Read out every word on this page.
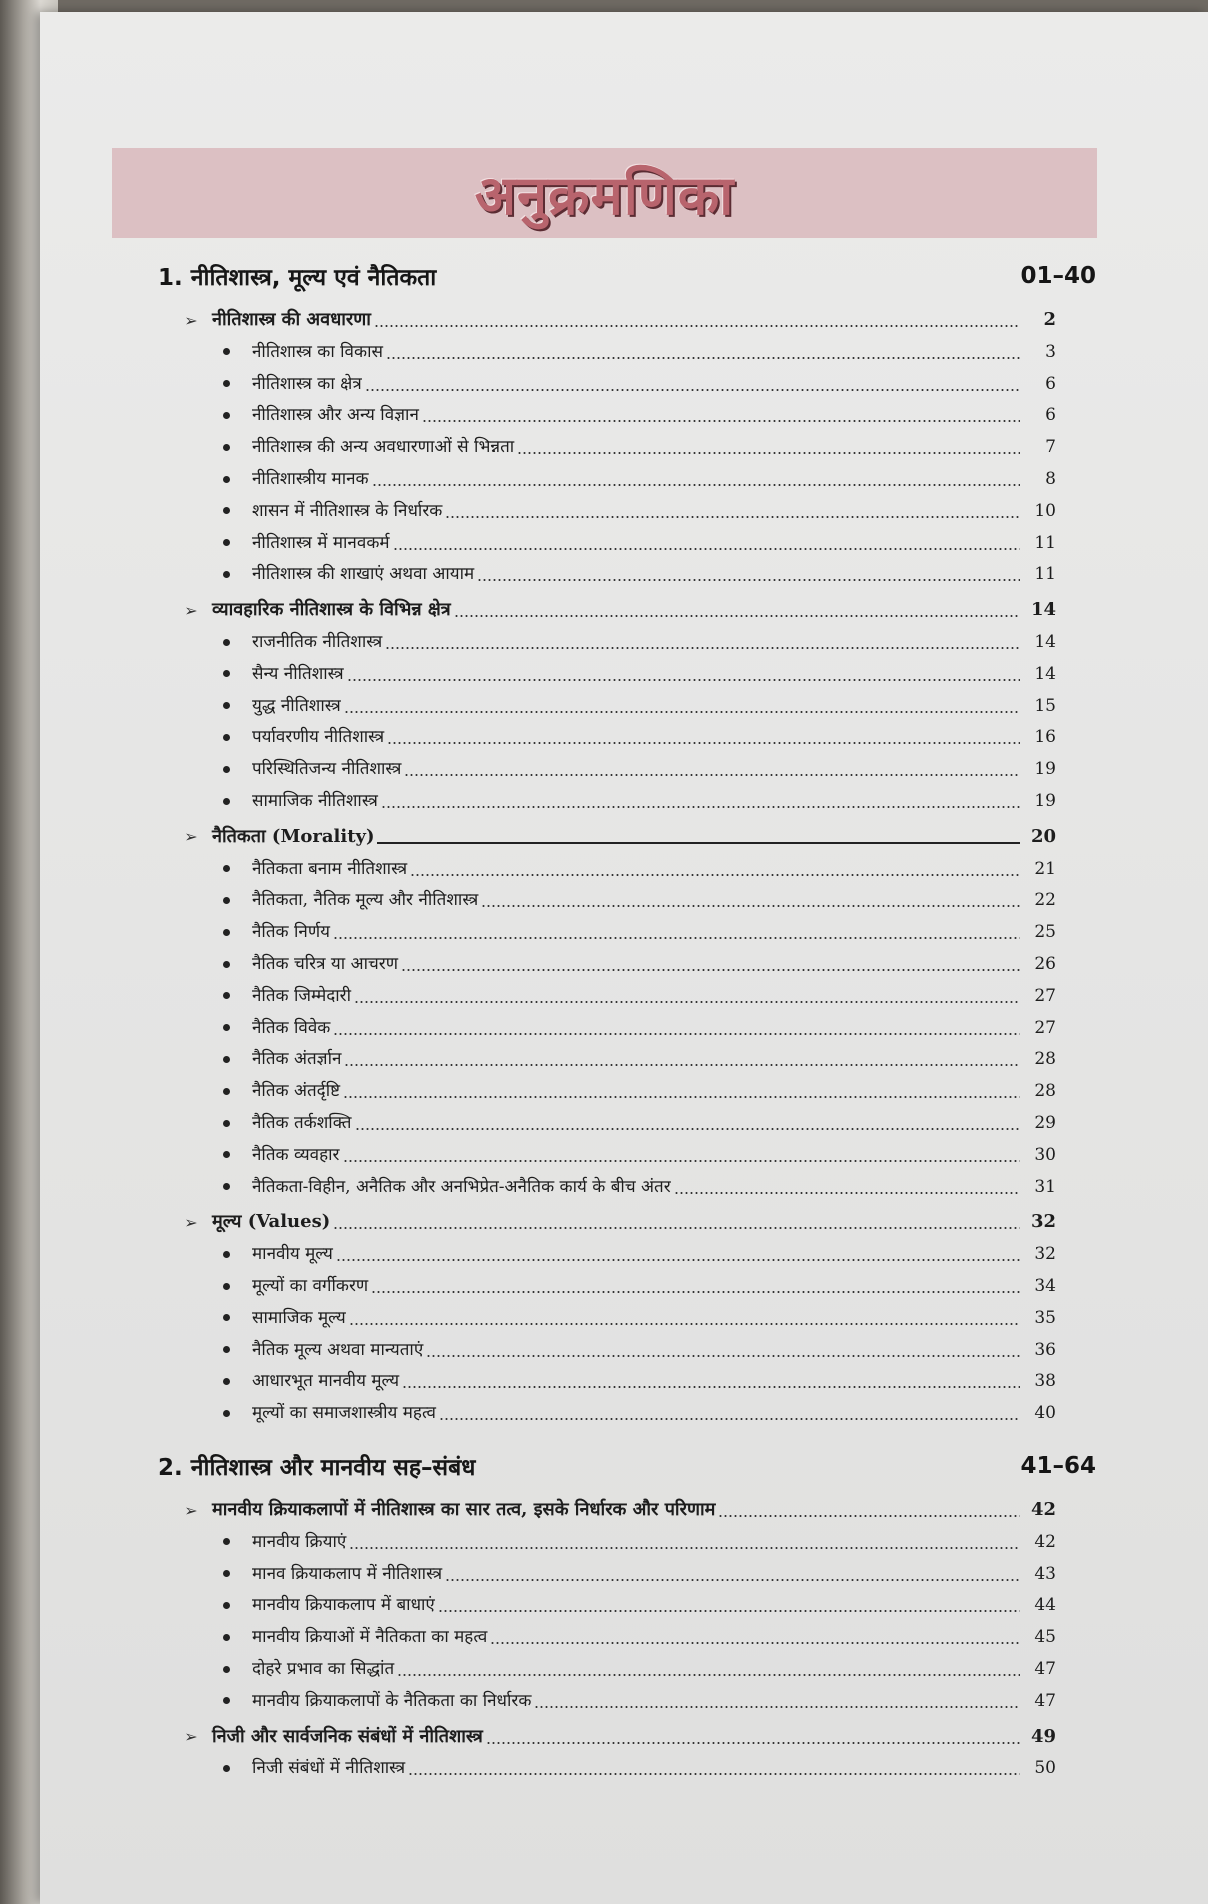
अनुक्रमणिका
1. नीतिशास्त्र, मूल्य एवं नैतिकता	01–40
➢ नीतिशास्त्र की अवधारणा	2
नीतिशास्त्र का विकास	3
नीतिशास्त्र का क्षेत्र	6
नीतिशास्त्र और अन्य विज्ञान	6
नीतिशास्त्र की अन्य अवधारणाओं से भिन्नता	7
नीतिशास्त्रीय मानक	8
शासन में नीतिशास्त्र के निर्धारक	10
नीतिशास्त्र में मानवकर्म	11
नीतिशास्त्र की शाखाएं अथवा आयाम	11
➢ व्यावहारिक नीतिशास्त्र के विभिन्न क्षेत्र	14
राजनीतिक नीतिशास्त्र	14
सैन्य नीतिशास्त्र	14
युद्ध नीतिशास्त्र	15
पर्यावरणीय नीतिशास्त्र	16
परिस्थितिजन्य नीतिशास्त्र	19
सामाजिक नीतिशास्त्र	19
➢ नैतिकता (Morality)	20
नैतिकता बनाम नीतिशास्त्र	21
नैतिकता, नैतिक मूल्य और नीतिशास्त्र	22
नैतिक निर्णय	25
नैतिक चरित्र या आचरण	26
नैतिक जिम्मेदारी	27
नैतिक विवेक	27
नैतिक अंतर्ज्ञान	28
नैतिक अंतर्दृष्टि	28
नैतिक तर्कशक्ति	29
नैतिक व्यवहार	30
नैतिकता-विहीन, अनैतिक और अनभिप्रेत-अनैतिक कार्य के बीच अंतर	31
➢ मूल्य (Values)	32
मानवीय मूल्य	32
मूल्यों का वर्गीकरण	34
सामाजिक मूल्य	35
नैतिक मूल्य अथवा मान्यताएं	36
आधारभूत मानवीय मूल्य	38
मूल्यों का समाजशास्त्रीय महत्व	40
2. नीतिशास्त्र और मानवीय सह–संबंध	41–64
➢ मानवीय क्रियाकलापों में नीतिशास्त्र का सार तत्व, इसके निर्धारक और परिणाम	42
मानवीय क्रियाएं	42
मानव क्रियाकलाप में नीतिशास्त्र	43
मानवीय क्रियाकलाप में बाधाएं	44
मानवीय क्रियाओं में नैतिकता का महत्व	45
दोहरे प्रभाव का सिद्धांत	47
मानवीय क्रियाकलापों के नैतिकता का निर्धारक	47
➢ निजी और सार्वजनिक संबंधों में नीतिशास्त्र	49
निजी संबंधों में नीतिशास्त्र	50
